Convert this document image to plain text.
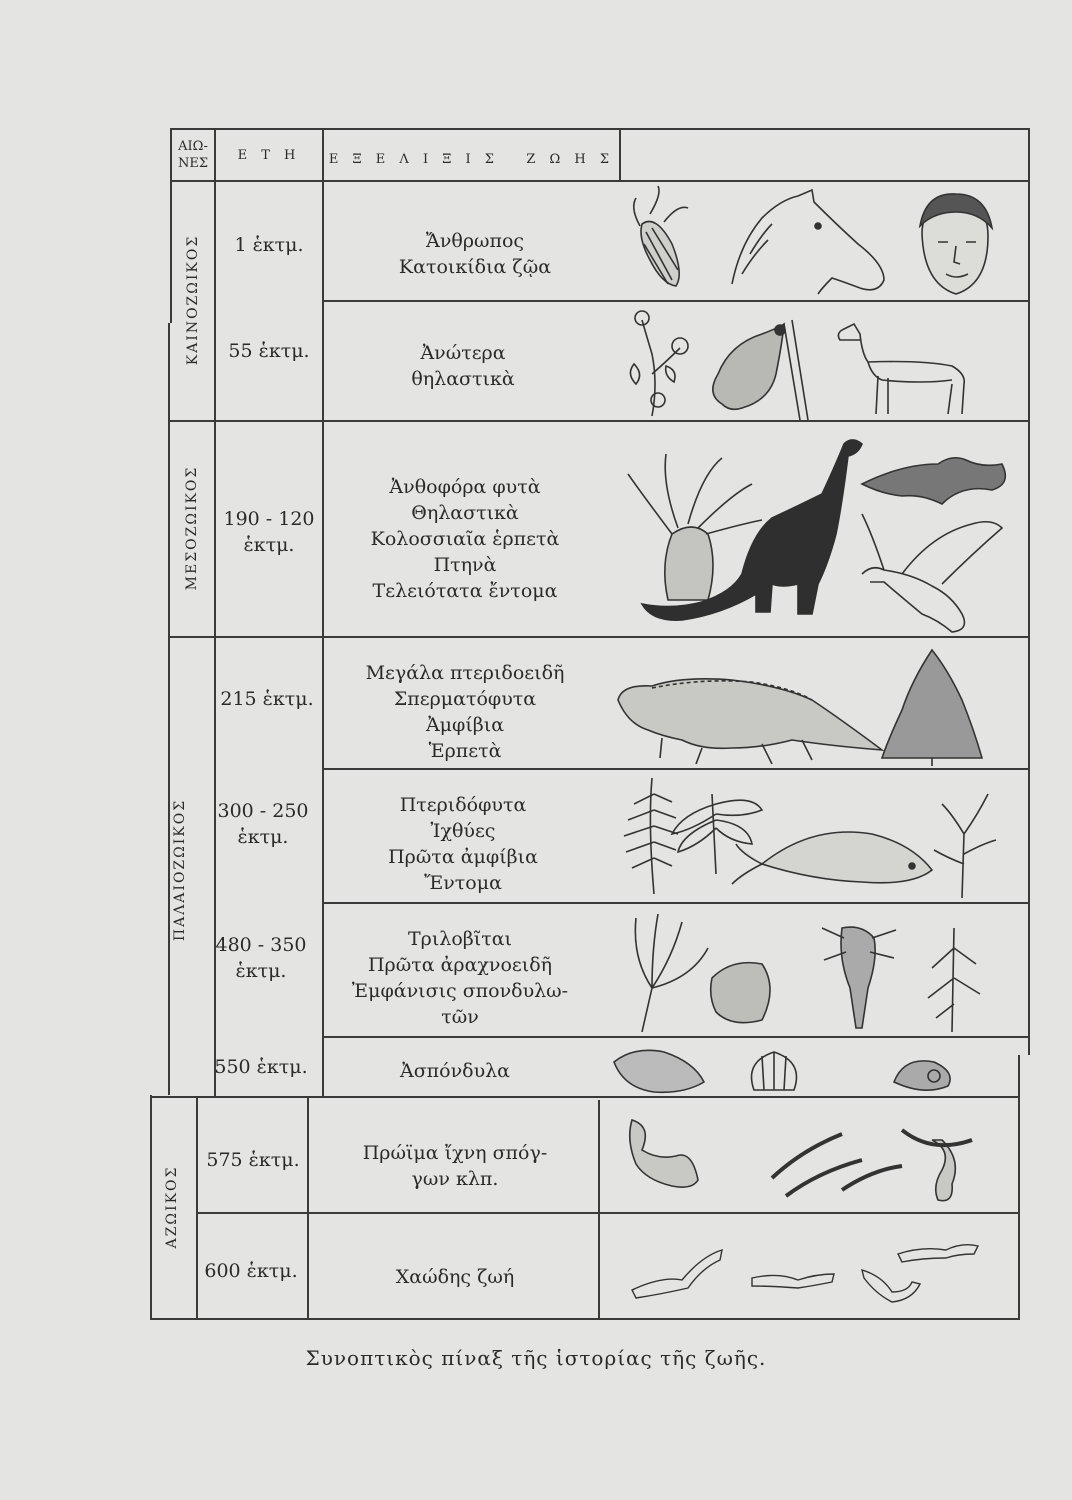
ΑΙΩ-
ΝΕΣ
Ε Τ Η	Ε Ξ Ε Λ Ι Ξ Ι Σ   Ζ Ω Η Σ
ΚΑΙΝΟΖΩΙΚΟΣ
ΜΕΣΟΖΩΙΚΟΣ
ΠΑΛΑΙΟΖΩΙΚΟΣ
ΑΖΩΙΚΟΣ
1 ἑκτμ.
55 ἑκτμ.
190 - 120
ἑκτμ.
215 ἑκτμ.
300 - 250
ἑκτμ.
480 - 350
ἑκτμ.
550 ἑκτμ.
575 ἑκτμ.
600 ἑκτμ.
Ἄνθρωπος
Κατοικίδια ζῷα
Ἀνώτερα
θηλαστικὰ
Ἀνθοφόρα φυτὰ
Θηλαστικὰ
Κολοσσιαῖα ἑρπετὰ
Πτηνὰ
Τελειότατα ἔντομα
Μεγάλα πτεριδοειδῆ
Σπερματόφυτα
Ἀμφίβια
Ἑρπετὰ
Πτεριδόφυτα
Ἰχθύες
Πρῶτα ἀμφίβια
Ἔντομα
Τριλοβῖται
Πρῶτα ἀραχνοειδῆ
Ἐμφάνισις σπονδυλω-
τῶν
Ἀσπόνδυλα
Πρώϊμα ἴχνη σπόγ-
γων κλπ.
Χαώδης ζωή
Συνοπτικὸς πίναξ τῆς ἱστορίας τῆς ζωῆς.
